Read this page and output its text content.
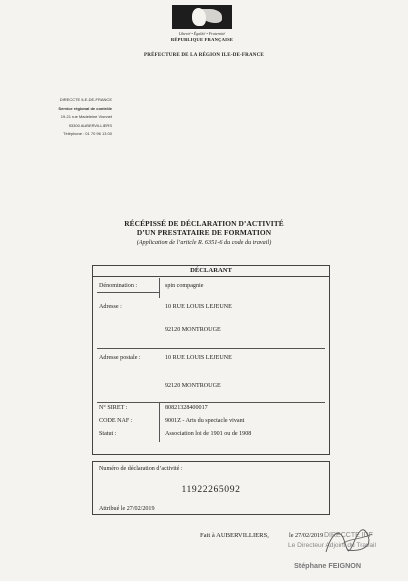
Liberté • Égalité • Fraternité
RÉPUBLIQUE FRANÇAISE
PRÉFECTURE DE LA RÉGION ILE-DE-FRANCE
DIRECCTE ILE-DE-FRANCE
Service régional de contrôle
19-21 rue Madeleine Vionnet
93300 AUBERVILLIERS
Téléphone : 01 70 96 13 00
RÉCÉPISSÉ DE DÉCLARATION D’ACTIVITÉ
D’UN PRESTATAIRE DE FORMATION
(Application de l’article R. 6351-6 du code du travail)
DÉCLARANT
Dénomination :	spin compagnie
Adresse :	10 RUE LOUIS LEJEUNE
92120 MONTROUGE
Adresse postale :	10 RUE LOUIS LEJEUNE
92120 MONTROUGE
N° SIRET :	80821328400017
CODE NAF :	9001Z - Arts du spectacle vivant
Statut :	Association loi de 1901 ou de 1908
Numéro de déclaration d’activité :
11922265092
Attribué le 27/02/2019
Fait à AUBERVILLIERS,	le 27/02/2019 DIRECCTE IDF
Le Directeur Adjoint du Travail
Stéphane FEIGNON
